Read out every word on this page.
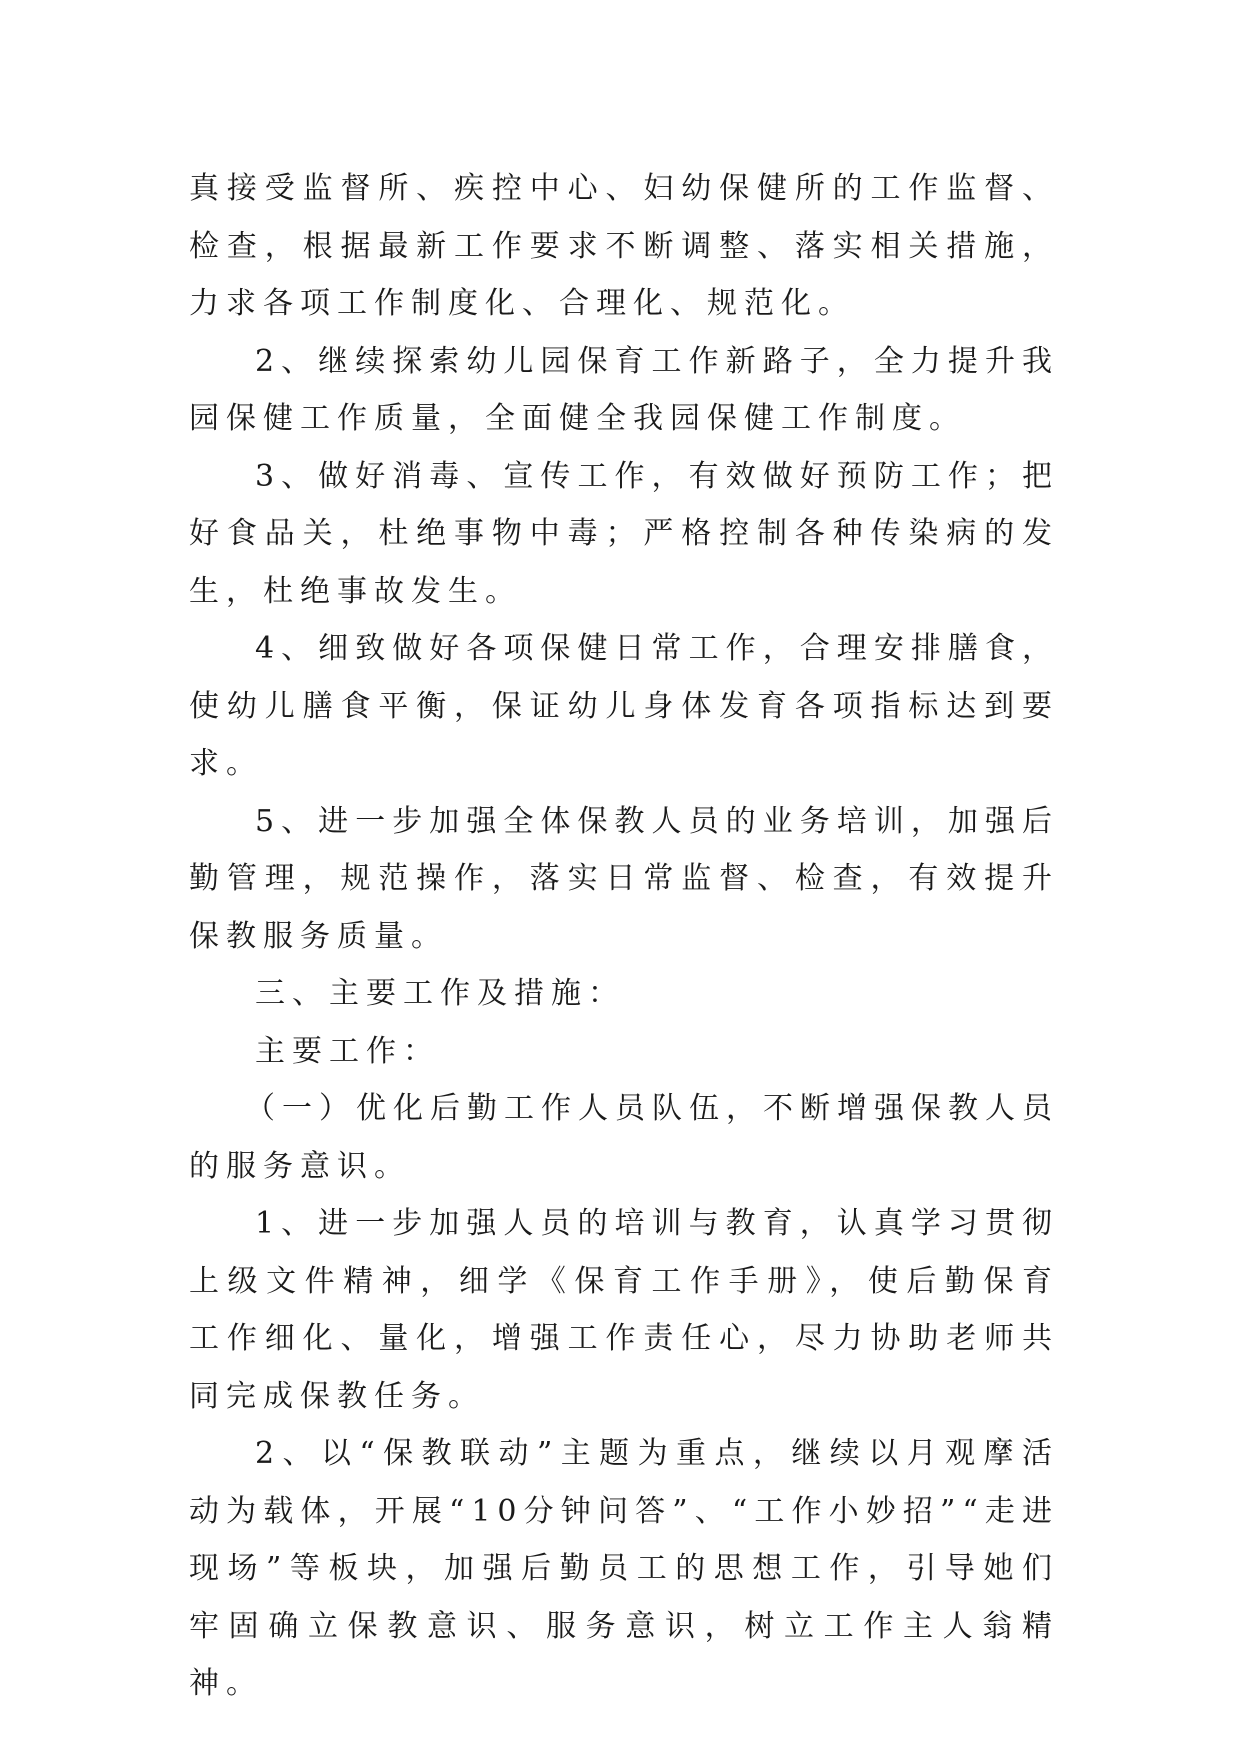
真接受监督所、疾控中心、妇幼保健所的工作监督、检查，根据最新工作要求不断调整、落实相关措施，力求各项工作制度化、合理化、规范化。

2、继续探索幼儿园保育工作新路子，全力提升我园保健工作质量，全面健全我园保健工作制度。

3、做好消毒、宣传工作，有效做好预防工作；把好食品关，杜绝事物中毒；严格控制各种传染病的发生，杜绝事故发生。

4、细致做好各项保健日常工作，合理安排膳食，使幼儿膳食平衡，保证幼儿身体发育各项指标达到要求。

5、进一步加强全体保教人员的业务培训，加强后勤管理，规范操作，落实日常监督、检查，有效提升保教服务质量。

三、主要工作及措施：

主要工作：

（一）优化后勤工作人员队伍，不断增强保教人员的服务意识。

1、进一步加强人员的培训与教育，认真学习贯彻上级文件精神，细学《保育工作手册》，使后勤保育工作细化、量化，增强工作责任心，尽力协助老师共同完成保教任务。

2、以“保教联动”主题为重点，继续以月观摩活动为载体，开展“10分钟问答”、“工作小妙招”“走进现场”等板块，加强后勤员工的思想工作，引导她们牢固确立保教意识、服务意识，树立工作主人翁精神。
